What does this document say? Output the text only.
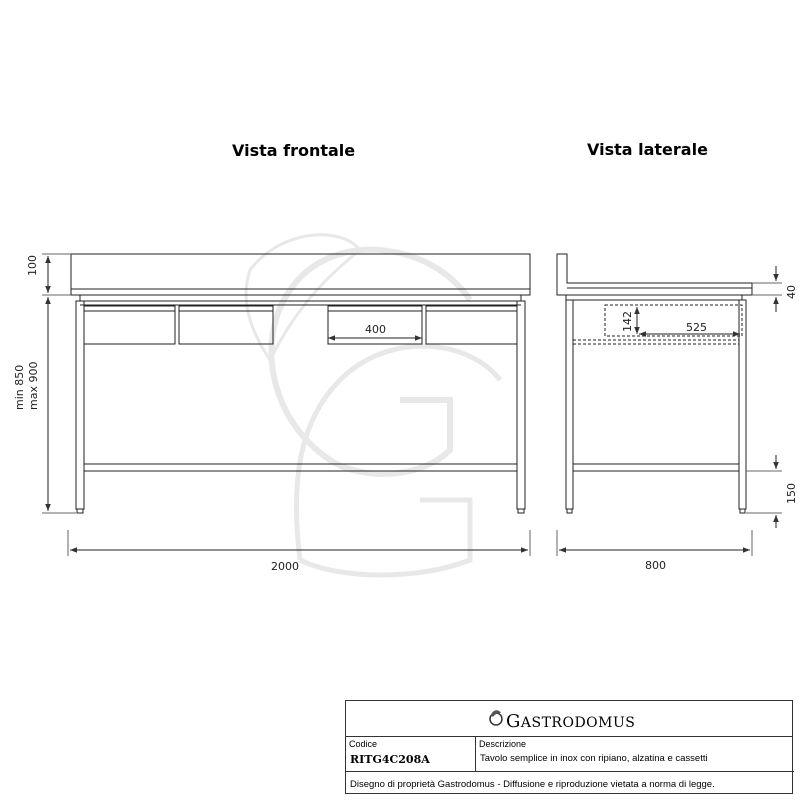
Vista frontale	Vista laterale
100
min 850 max 900
400
2000
142	525
40
150
800
GASTRODOMUS
Codice
RITG4C208A
Descrizione
Tavolo semplice in inox con ripiano, alzatina e cassetti
Disegno di proprietà Gastrodomus - Diffusione e riproduzione vietata a norma di legge.
